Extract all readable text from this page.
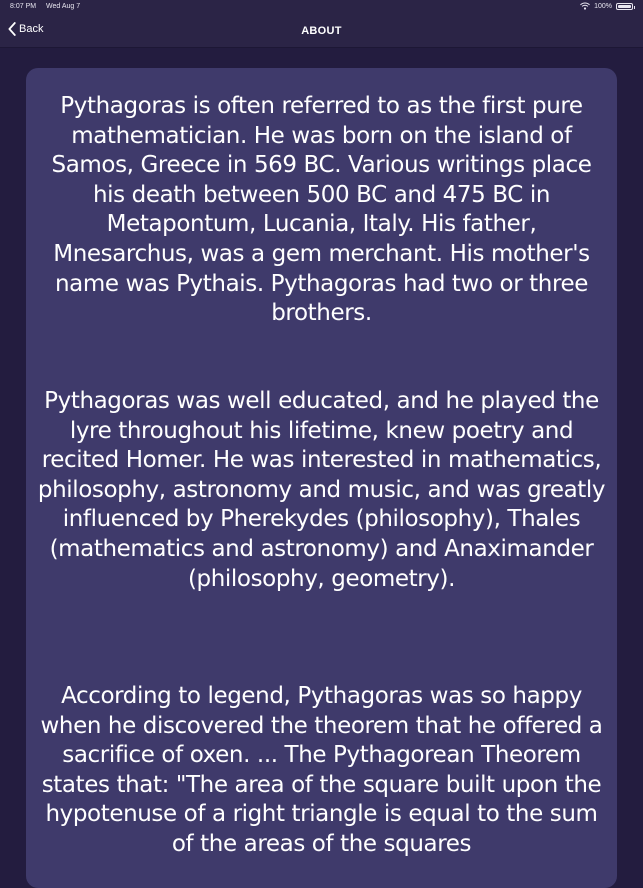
8:07 PM Wed Aug 7	100%
Back	ABOUT

Pythagoras is often referred to as the first pure mathematician. He was born on the island of Samos, Greece in 569 BC. Various writings place his death between 500 BC and 475 BC in Metapontum, Lucania, Italy. His father, Mnesarchus, was a gem merchant. His mother's name was Pythais. Pythagoras had two or three brothers.

Pythagoras was well educated, and he played the lyre throughout his lifetime, knew poetry and recited Homer. He was interested in mathematics, philosophy, astronomy and music, and was greatly influenced by Pherekydes (philosophy), Thales (mathematics and astronomy) and Anaximander (philosophy, geometry).

According to legend, Pythagoras was so happy when he discovered the theorem that he offered a sacrifice of oxen. ... The Pythagorean Theorem states that: "The area of the square built upon the hypotenuse of a right triangle is equal to the sum of the areas of the squares
